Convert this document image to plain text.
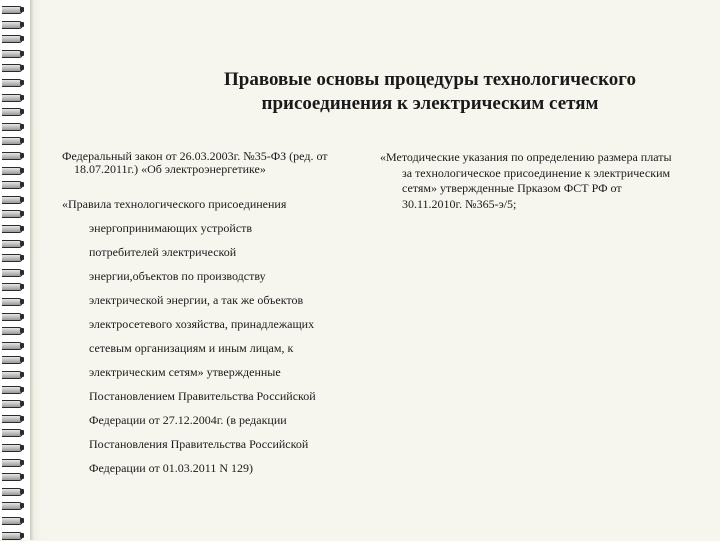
Правовые основы процедуры технологического
присоединения к электрическим сетям

Федеральный закон от 26.03.2003г. №35-ФЗ (ред. от 18.07.2011г.) «Об электроэнергетике»

«Правила технологического присоединения
энергопринимающих устройств
потребителей электрической
энергии,объектов по производству
электрической энергии, а так же объектов
электросетевого хозяйства, принадлежащих
сетевым организациям и иным лицам, к
электрическим сетям» утвержденные
Постановлением Правительства Российской
Федерации от 27.12.2004г. (в редакции
Постановления Правительства Российской
Федерации от 01.03.2011 N 129)

«Методические указания по определению размера платы за технологическое присоединение к электрическим сетям» утвержденные Прказом ФСТ РФ от 30.11.2010г. №365-э/5;
